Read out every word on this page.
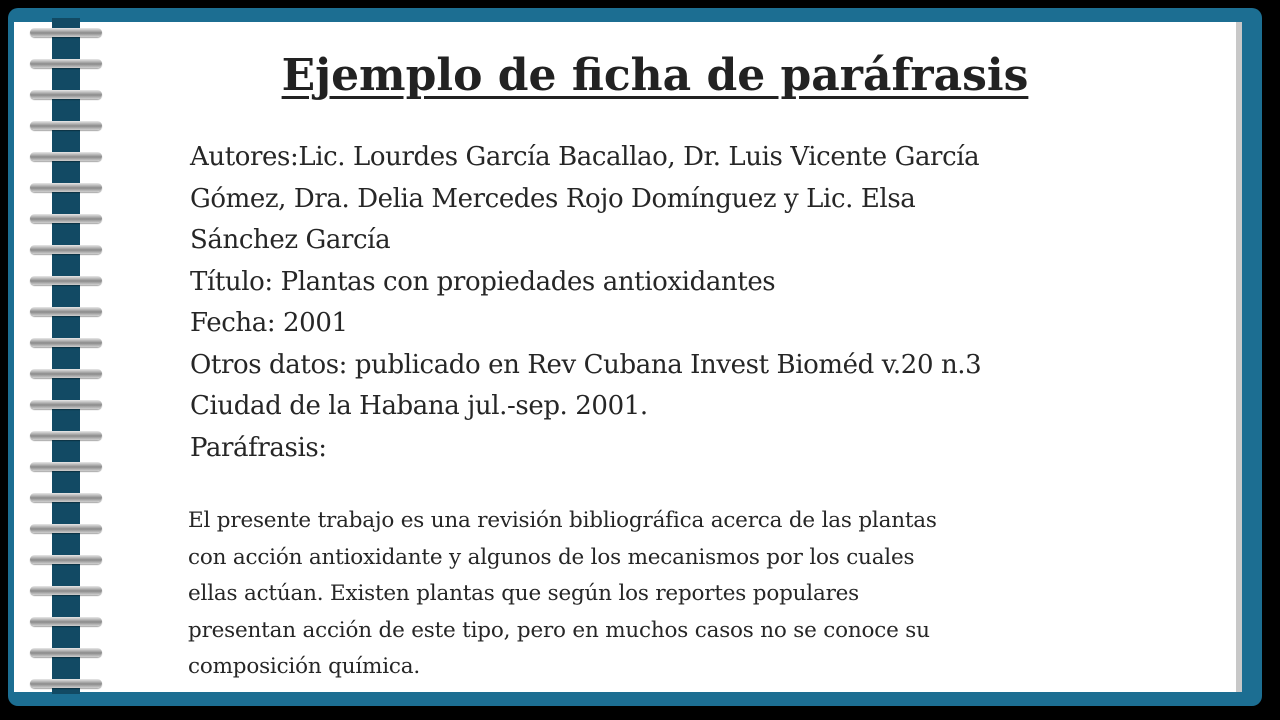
Ejemplo de ficha de paráfrasis
Autores:Lic. Lourdes García Bacallao, Dr. Luis Vicente García
Gómez, Dra. Delia Mercedes Rojo Domínguez y Lic. Elsa
Sánchez García
Título: Plantas con propiedades antioxidantes
Fecha: 2001
Otros datos: publicado en Rev Cubana Invest Bioméd v.20 n.3
Ciudad de la Habana jul.-sep. 2001.
Paráfrasis:
El presente trabajo es una revisión bibliográfica acerca de las plantas
con acción antioxidante y algunos de los mecanismos por los cuales
ellas actúan. Existen plantas que según los reportes populares
presentan acción de este tipo, pero en muchos casos no se conoce su
composición química.
